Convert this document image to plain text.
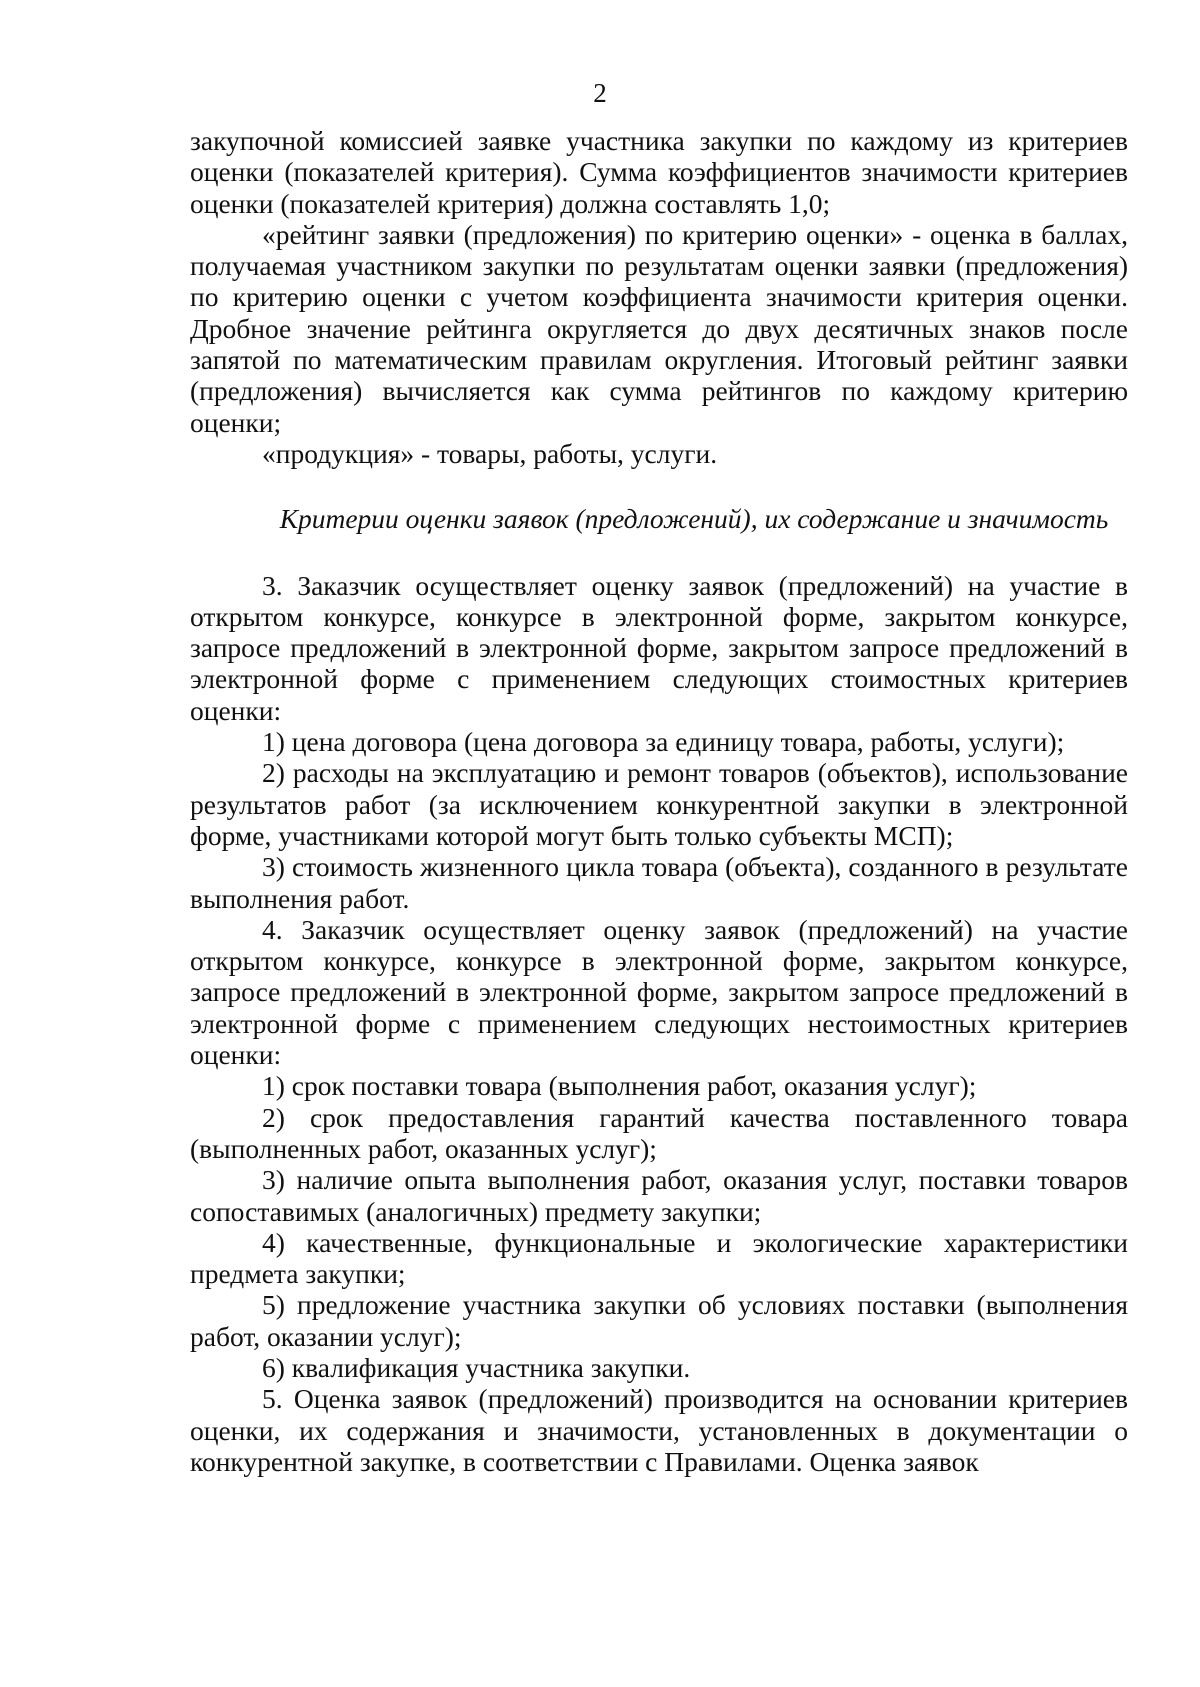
2

закупочной комиссией заявке участника закупки по каждому из критериев оценки (показателей критерия). Сумма коэффициентов значимости критериев оценки (показателей критерия) должна составлять 1,0;

«рейтинг заявки (предложения) по критерию оценки» - оценка в баллах, получаемая участником закупки по результатам оценки заявки (предложения) по критерию оценки с учетом коэффициента значимости критерия оценки. Дробное значение рейтинга округляется до двух десятичных знаков после запятой по математическим правилам округления. Итоговый рейтинг заявки (предложения) вычисляется как сумма рейтингов по каждому критерию оценки;

«продукция» - товары, работы, услуги.

Критерии оценки заявок (предложений), их содержание и значимость

3. Заказчик осуществляет оценку заявок (предложений) на участие в открытом конкурсе, конкурсе в электронной форме, закрытом конкурсе, запросе предложений в электронной форме, закрытом запросе предложений в электронной форме с применением следующих стоимостных критериев оценки:

1) цена договора (цена договора за единицу товара, работы, услуги);

2) расходы на эксплуатацию и ремонт товаров (объектов), использование результатов работ (за исключением конкурентной закупки в электронной форме, участниками которой могут быть только субъекты МСП);

3) стоимость жизненного цикла товара (объекта), созданного в результате выполнения работ.

4. Заказчик осуществляет оценку заявок (предложений) на участие открытом конкурсе, конкурсе в электронной форме, закрытом конкурсе, запросе предложений в электронной форме, закрытом запросе предложений в электронной форме с применением следующих нестоимостных критериев оценки:

1) срок поставки товара (выполнения работ, оказания услуг);

2) срок предоставления гарантий качества поставленного товара (выполненных работ, оказанных услуг);

3) наличие опыта выполнения работ, оказания услуг, поставки товаров сопоставимых (аналогичных) предмету закупки;

4) качественные, функциональные и экологические характеристики предмета закупки;

5) предложение участника закупки об условиях поставки (выполнения работ, оказании услуг);

6) квалификация участника закупки.

5. Оценка заявок (предложений) производится на основании критериев оценки, их содержания и значимости, установленных в документации о конкурентной закупке, в соответствии с Правилами. Оценка заявок
